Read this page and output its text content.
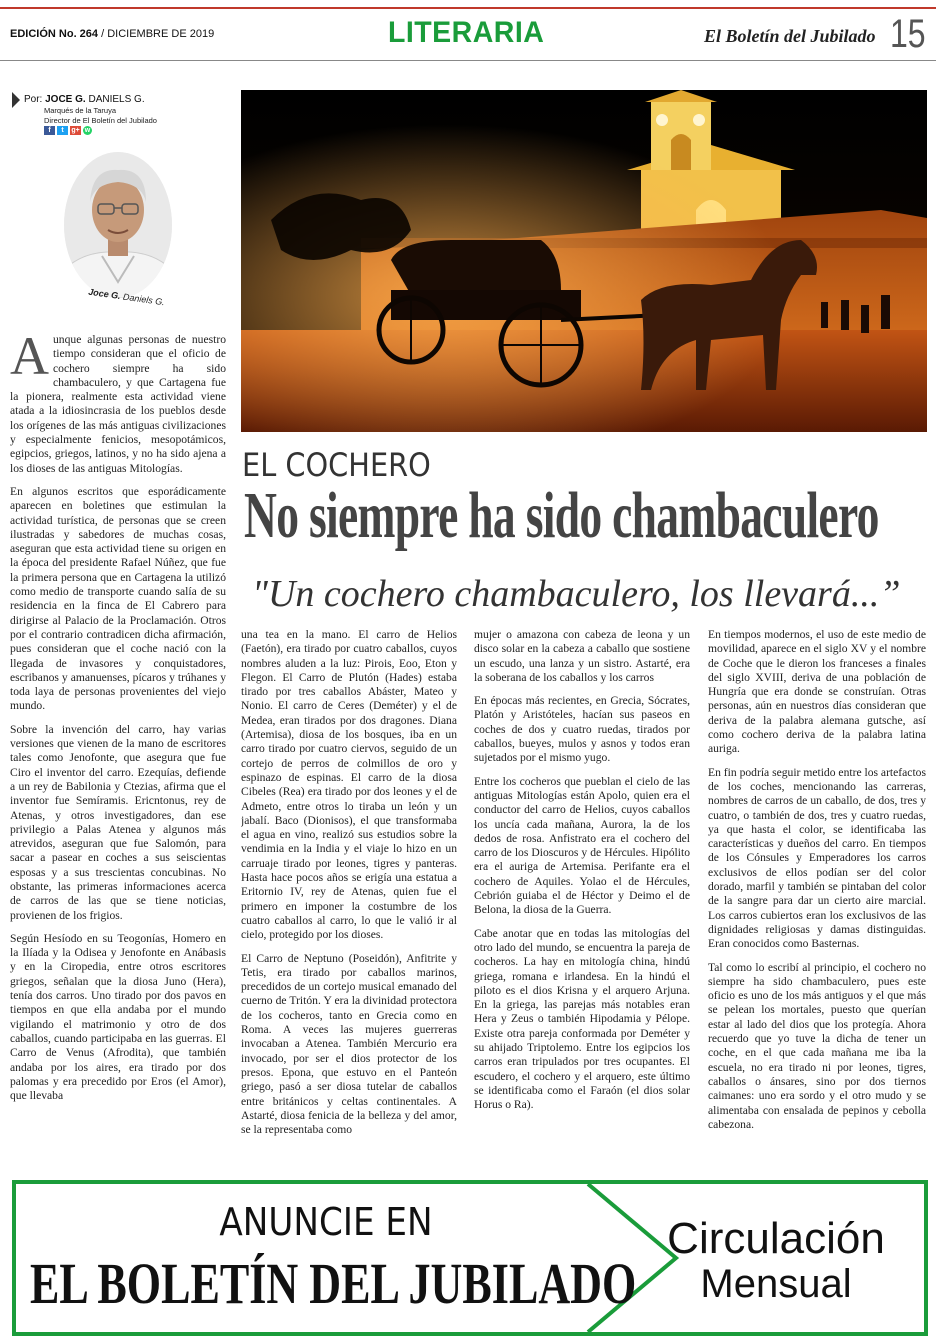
EDICIÓN No. 264 / DICIEMBRE DE 2019	LITERARIA	El Boletín del Jubilado 15
Por: JOCE G. DANIELS G.
Marqués de la Taruya
Director de El Boletín del Jubilado
f	t	g+ w
Joce G. Daniels G.
EL COCHERO
No siempre ha sido chambaculero
"Un cochero chambaculero, los llevará...”

Aunque algunas personas de nuestro tiempo consideran que el oficio de cochero siempre ha sido chambaculero, y que Cartagena fue la pionera, realmente esta actividad viene atada a la idiosincrasia de los pueblos desde los orígenes de las más antiguas civilizaciones y especialmente fenicios, mesopotámicos, egipcios, griegos, latinos, y no ha sido ajena a los dioses de las antiguas Mitologías.

En algunos escritos que esporádicamente aparecen en boletines que estimulan la actividad turística, de personas que se creen ilustradas y sabedores de muchas cosas, aseguran que esta actividad tiene su origen en la época del presidente Rafael Núñez, que fue la primera persona que en Cartagena la utilizó como medio de transporte cuando salía de su residencia en la finca de El Cabrero para dirigirse al Palacio de la Proclamación. Otros por el contrario contradicen dicha afirmación, pues consideran que el coche nació con la llegada de invasores y conquistadores, escribanos y amanuenses, pícaros y trúhanes y toda laya de personas provenientes del viejo mundo.

Sobre la invención del carro, hay varias versiones que vienen de la mano de escritores tales como Jenofonte, que asegura que fue Ciro el inventor del carro. Ezequías, defiende a un rey de Babilonia y Ctezias, afirma que el inventor fue Semíramis. Ericntonus, rey de Atenas, y otros investigadores, dan ese privilegio a Palas Atenea y algunos más atrevidos, aseguran que fue Salomón, para sacar a pasear en coches a sus seiscientas esposas y a sus trescientas concubinas. No obstante, las primeras informaciones acerca de carros de las que se tiene noticias, provienen de los frigios.

Según Hesíodo en su Teogonías, Homero en la Ilíada y la Odisea y Jenofonte en Anábasis y en la Ciropedia, entre otros escritores griegos, señalan que la diosa Juno (Hera), tenía dos carros. Uno tirado por dos pavos en tiempos en que ella andaba por el mundo vigilando el matrimonio y otro de dos caballos, cuando participaba en las guerras. El Carro de Venus (Afrodita), que también andaba por los aires, era tirado por dos palomas y era precedido por Eros (el Amor), que llevaba

una tea en la mano. El carro de Helios (Faetón), era tirado por cuatro caballos, cuyos nombres aluden a la luz: Pirois, Eoo, Eton y Flegon. El Carro de Plutón (Hades) estaba tirado por tres caballos Abáster, Mateo y Nonio. El carro de Ceres (Deméter) y el de Medea, eran tirados por dos dragones. Diana (Artemisa), diosa de los bosques, iba en un carro tirado por cuatro ciervos, seguido de un cortejo de perros de colmillos de oro y espinazo de espinas. El carro de la diosa Cibeles (Rea) era tirado por dos leones y el de Admeto, entre otros lo tiraba un león y un jabalí. Baco (Dionisos), el que transformaba el agua en vino, realizó sus estudios sobre la vendimia en la India y el viaje lo hizo en un carruaje tirado por leones, tigres y panteras. Hasta hace pocos años se erigía una estatua a Eritornio IV, rey de Atenas, quien fue el primero en imponer la costumbre de los cuatro caballos al carro, lo que le valió ir al cielo, protegido por los dioses.

El Carro de Neptuno (Poseidón), Anfitrite y Tetis, era tirado por caballos marinos, precedidos de un cortejo musical emanado del cuerno de Tritón. Y era la divinidad protectora de los cocheros, tanto en Grecia como en Roma. A veces las mujeres guerreras invocaban a Atenea. También Mercurio era invocado, por ser el dios protector de los presos. Epona, que estuvo en el Panteón griego, pasó a ser diosa tutelar de caballos entre británicos y celtas continentales. A Astarté, diosa fenicia de la belleza y del amor, se la representaba como

mujer o amazona con cabeza de leona y un disco solar en la cabeza a caballo que sostiene un escudo, una lanza y un sistro. Astarté, era la soberana de los caballos y los carros

En épocas más recientes, en Grecia, Sócrates, Platón y Aristóteles, hacían sus paseos en coches de dos y cuatro ruedas, tirados por caballos, bueyes, mulos y asnos y todos eran sujetados por el mismo yugo.

Entre los cocheros que pueblan el cielo de las antiguas Mitologías están Apolo, quien era el conductor del carro de Helios, cuyos caballos los uncía cada mañana, Aurora, la de los dedos de rosa. Anfistrato era el cochero del carro de los Dioscuros y de Hércules. Hipólito era el auriga de Artemisa. Perifante era el cochero de Aquiles. Yolao el de Hércules, Cebrión guiaba el de Héctor y Deimo el de Belona, la diosa de la Guerra.

Cabe anotar que en todas las mitologías del otro lado del mundo, se encuentra la pareja de cocheros. La hay en mitología china, hindú griega, romana e irlandesa. En la hindú el piloto es el dios Krisna y el arquero Arjuna. En la griega, las parejas más notables eran Hera y Zeus o también Hipodamia y Pélope. Existe otra pareja conformada por Deméter y su ahijado Triptolemo. Entre los egipcios los carros eran tripulados por tres ocupantes. El escudero, el cochero y el arquero, este último se identificaba como el Faraón (el dios solar Horus o Ra).

En tiempos modernos, el uso de este medio de movilidad, aparece en el siglo XV y el nombre de Coche que le dieron los franceses a finales del siglo XVIII, deriva de una población de Hungría que era donde se construían. Otras personas, aún en nuestros días consideran que deriva de la palabra alemana gutsche, así como cochero deriva de la palabra latina auriga.

En fin podría seguir metido entre los artefactos de los coches, mencionando las carreras, nombres de carros de un caballo, de dos, tres y cuatro, o también de dos, tres y cuatro ruedas, ya que hasta el color, se identificaba las características y dueños del carro. En tiempos de los Cónsules y Emperadores los carros exclusivos de ellos podían ser del color dorado, marfil y también se pintaban del color de la sangre para dar un cierto aire marcial. Los carros cubiertos eran los exclusivos de las dignidades religiosas y damas distinguidas. Eran conocidos como Basternas.

Tal como lo escribí al principio, el cochero no siempre ha sido chambaculero, pues este oficio es uno de los más antiguos y el que más se pelean los mortales, puesto que querían estar al lado del dios que los protegía. Ahora recuerdo que yo tuve la dicha de tener un coche, en el que cada mañana me iba la escuela, no era tirado ni por leones, tigres, caballos o ánsares, sino por dos tiernos caimanes: uno era sordo y el otro mudo y se alimentaba con ensalada de pepinos y cebolla cabezona.

ANUNCIE EN
EL BOLETÍN DEL JUBILADO
Circulación
Mensual
